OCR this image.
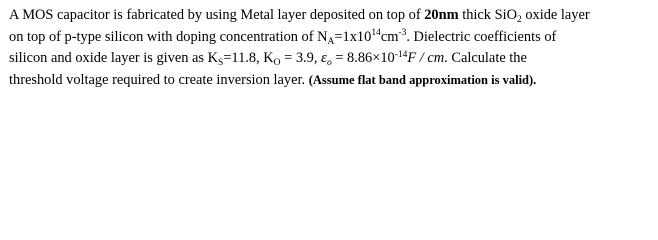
A MOS capacitor is fabricated by using Metal layer deposited on top of 20nm thick SiO$_2$ oxide layer
on top of p-type silicon with doping concentration of $N_A=1x10^{14}cm^{-3}$. Dielectric coefficients of
silicon and oxide layer is given as $K_S=11.8$, $K_O = 3.9$, $\varepsilon_o = 8.86\times 10^{-14}F$ / cm. Calculate the
threshold voltage required to create inversion layer. (Assume flat band approximation is valid).
